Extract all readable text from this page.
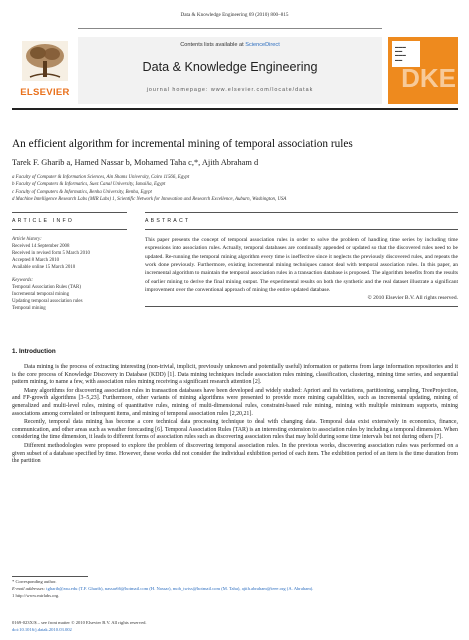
Data & Knowledge Engineering 69 (2010) 800–815
ELSEVIER
Contents lists available at ScienceDirect
Data & Knowledge Engineering
journal homepage: www.elsevier.com/locate/datak
▬▬▬
▬▬
▬▬▬
▬▬
DKE
An efficient algorithm for incremental mining of temporal association rules
Tarek F. Gharib a, Hamed Nassar b, Mohamed Taha c,*, Ajith Abraham d
a Faculty of Computer & Information Sciences, Ain Shams University, Cairo 11566, Egypt
b Faculty of Computers & Informatics, Suez Canal University, Ismailia, Egypt
c Faculty of Computers & Informatics, Benha University, Benha, Egypt
d Machine Intelligence Research Labs (MIR Labs) 1, Scientific Network for Innovation and Research Excellence, Auburn, Washington, USA
ARTICLE INFO
Article history:
Received 14 September 2008
Received in revised form 5 March 2010
Accepted 8 March 2010
Available online 15 March 2010
Keywords:
Temporal Association Rules (TAR)
Incremental temporal mining
Updating temporal association rules
Temporal mining
ABSTRACT

This paper presents the concept of temporal association rules in order to solve the problem of handling time series by including time expressions into association rules. Actually, temporal databases are continually appended or updated so that the discovered rules need to be updated. Re-running the temporal mining algorithm every time is ineffective since it neglects the previously discovered rules, and repeats the work done previously. Furthermore, existing incremental mining techniques cannot deal with temporal association rules. In this paper, an incremental algorithm to maintain the temporal association rules in a transaction database is proposed. The algorithm benefits from the results of earlier mining to derive the final mining output. The experimental results on both the synthetic and the real dataset illustrate a significant improvement over the conventional approach of mining the entire updated database.

© 2010 Elsevier B.V. All rights reserved.
1. Introduction

Data mining is the process of extracting interesting (non-trivial, implicit, previously unknown and potentially useful) information or patterns from large information repositories and it is the core process of Knowledge Discovery in Database (KDD) [1]. Data mining techniques include association rules mining, classification, clustering, mining time series, and sequential pattern mining, to name a few, with association rules mining receiving a significant research attention [2].

Many algorithms for discovering association rules in transaction databases have been developed and widely studied: Apriori and its variations, partitioning, sampling, TreeProjection, and FP-growth algorithms [3–5,23]. Furthermore, other variants of mining algorithms were presented to provide more mining capabilities, such as incremental updating, mining of generalized and multi-level rules, mining of quantitative rules, mining of multi-dimensional rules, constraint-based rule mining, mining with multiple minimum supports, mining associations among correlated or infrequent items, and mining of temporal association rules [2,20,21].

Recently, temporal data mining has become a core technical data processing technique to deal with changing data. Temporal data exist extensively in economics, finance, communication, and other areas such as weather forecasting [6]. Temporal Association Rules (TAR) is an interesting extension to association rules by including a temporal dimension. When considering the time dimension, it leads to different forms of association rules such as discovering association rules that may hold during some time intervals but not during others [7].

Different methodologies were proposed to explore the problem of discovering temporal association rules. In the previous works, discovering association rules was performed on a given subset of a database specified by time. However, these works did not consider the individual exhibition period of each item. The exhibition period of an item is the time duration from the partition

* Corresponding author.
E-mail addresses: tgharib@asu.edu (T.F. Gharib), nassar66@hotmail.com (H. Nassar), moh_twiss@hotmail.com (M. Taha), ajith.abraham@ieee.org (A. Abraham).
1 http://www.mirlabs.org.
0169-023X/$ – see front matter © 2010 Elsevier B.V. All rights reserved.
doi:10.1016/j.datak.2010.03.002
